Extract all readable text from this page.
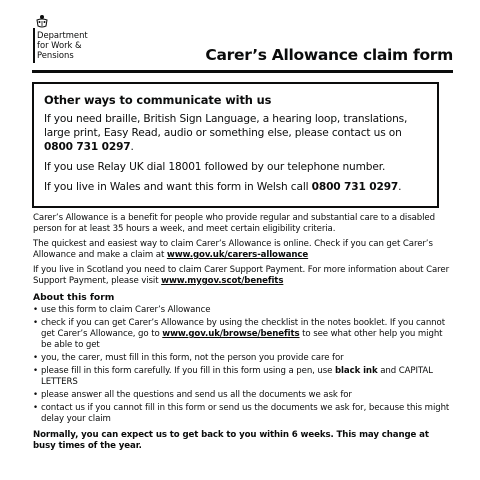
Department
for Work &
Pensions	Carer’s Allowance claim form
Other ways to communicate with us

If you need braille, British Sign Language, a hearing loop, translations, large print, Easy Read, audio or something else, please contact us on 0800 731 0297.

If you use Relay UK dial 18001 followed by our telephone number.

If you live in Wales and want this form in Welsh call 0800 731 0297.

Carer’s Allowance is a benefit for people who provide regular and substantial care to a disabled person for at least 35 hours a week, and meet certain eligibility criteria.

The quickest and easiest way to claim Carer’s Allowance is online. Check if you can get Carer’s Allowance and make a claim at www.gov.uk/carers-allowance

If you live in Scotland you need to claim Carer Support Payment. For more information about Carer Support Payment, please visit www.mygov.scot/benefits

About this form
• use this form to claim Carer’s Allowance
• check if you can get Carer’s Allowance by using the checklist in the notes booklet. If you cannot get Carer’s Allowance, go to www.gov.uk/browse/benefits to see what other help you might be able to get
• you, the carer, must fill in this form, not the person you provide care for
• please fill in this form carefully. If you fill in this form using a pen, use black ink and CAPITAL LETTERS
• please answer all the questions and send us all the documents we ask for
• contact us if you cannot fill in this form or send us the documents we ask for, because this might delay your claim

Normally, you can expect us to get back to you within 6 weeks. This may change at busy times of the year.
